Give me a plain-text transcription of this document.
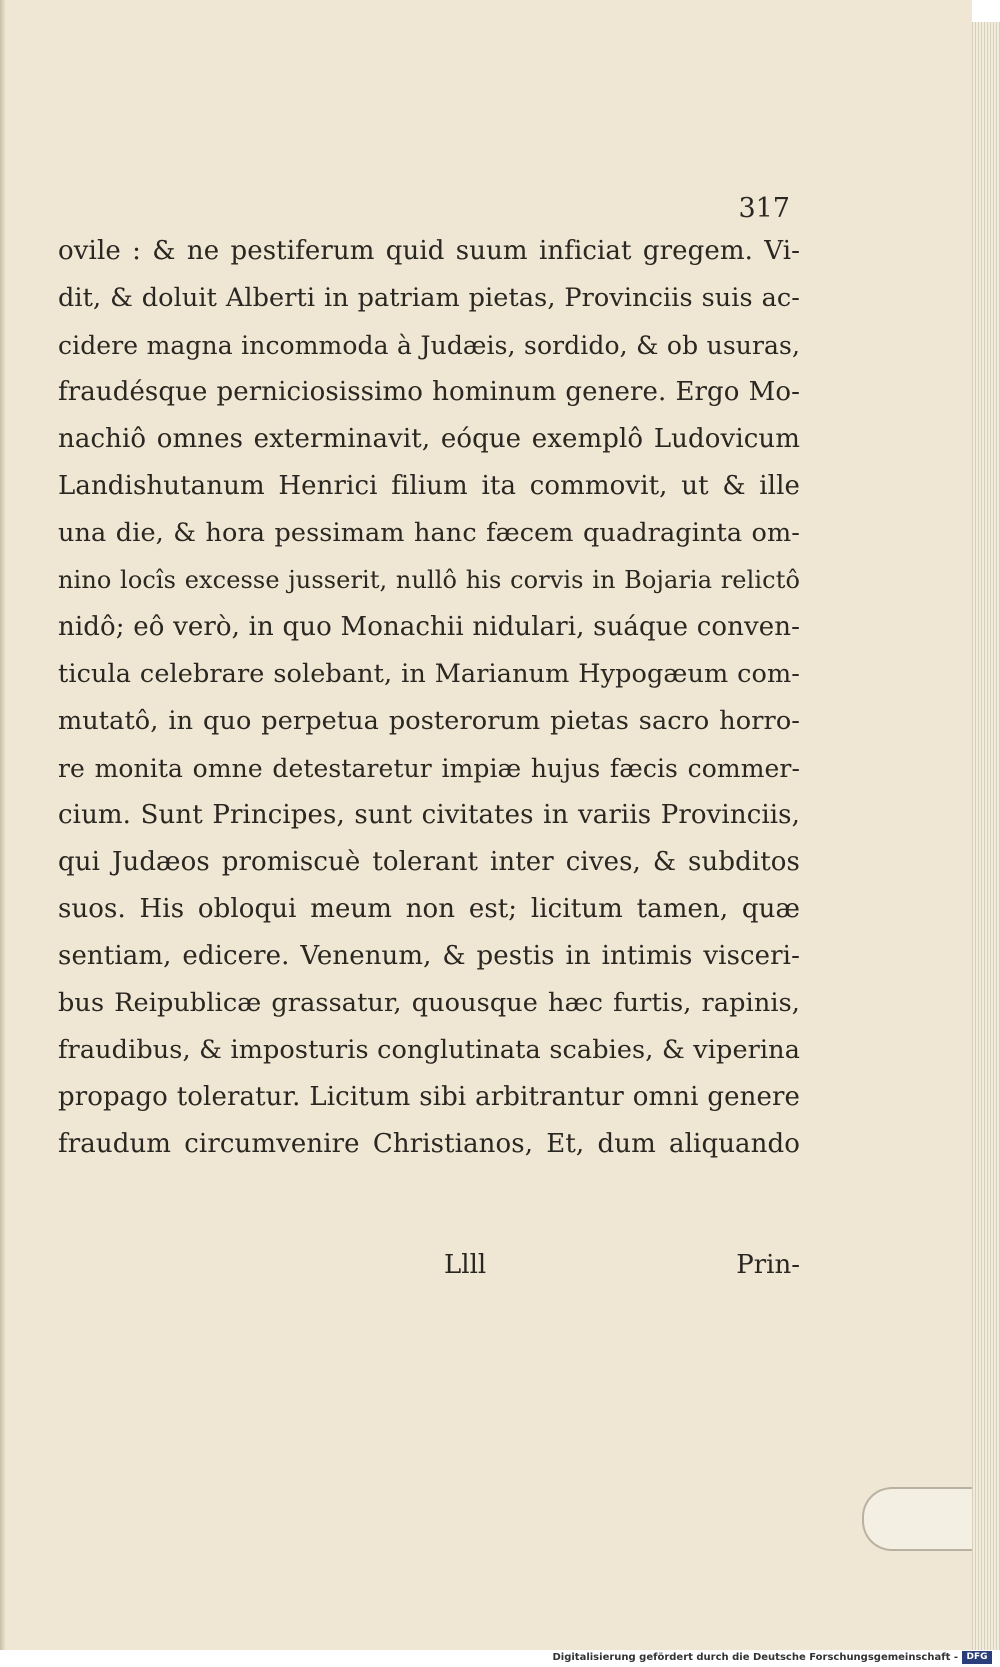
317
ovile : & ne pestiferum quid suum inficiat gregem. Vi-
dit, & doluit Alberti in patriam pietas, Provinciis suis ac-
cidere magna incommoda à Judæis, sordido, & ob usuras,
fraudésque perniciosissimo hominum genere. Ergo Mo-
nachiô omnes exterminavit, eóque exemplô Ludovicum
Landishutanum Henrici filium ita commovit, ut & ille
una die, & hora pessimam hanc fæcem quadraginta om-
nino locîs excesse jusserit, nullô his corvis in Bojaria relictô
nidô; eô verò, in quo Monachii nidulari, suáque conven-
ticula celebrare solebant, in Marianum Hypogæum com-
mutatô, in quo perpetua posterorum pietas sacro horro-
re monita omne detestaretur impiæ hujus fæcis commer-
cium. Sunt Principes, sunt civitates in variis Provinciis,
qui Judæos promiscuè tolerant inter cives, & subditos
suos. His obloqui meum non est; licitum tamen, quæ
sentiam, edicere. Venenum, & pestis in intimis visceri-
bus Reipublicæ grassatur, quousque hæc furtis, rapinis,
fraudibus, & imposturis conglutinata scabies, & viperina
propago toleratur. Licitum sibi arbitrantur omni genere
fraudum circumvenire Christianos, Et, dum aliquando
Llll	Prin-
Digitalisierung gefördert durch die Deutsche Forschungsgemeinschaft - DFG
